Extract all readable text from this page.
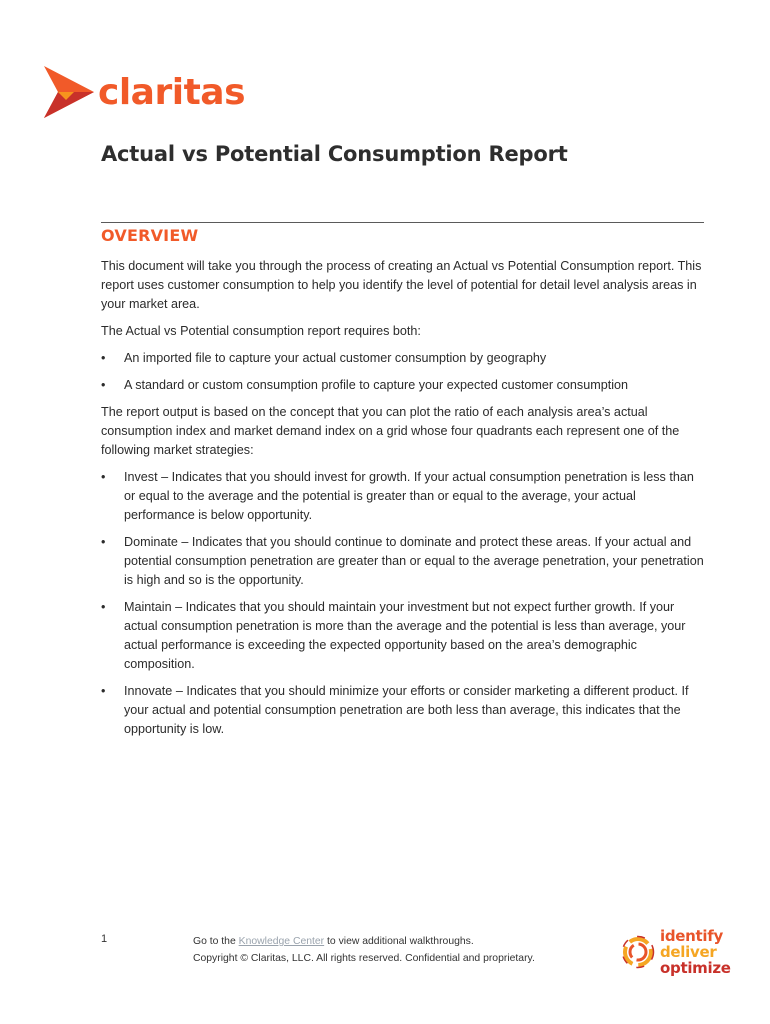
claritas
Actual vs Potential Consumption Report
OVERVIEW

This document will take you through the process of creating an Actual vs Potential Consumption report. This report uses customer consumption to help you identify the level of potential for detail level analysis areas in your market area.

The Actual vs Potential consumption report requires both:

• An imported file to capture your actual customer consumption by geography
• A standard or custom consumption profile to capture your expected customer consumption

The report output is based on the concept that you can plot the ratio of each analysis area’s actual consumption index and market demand index on a grid whose four quadrants each represent one of the following market strategies:

• Invest – Indicates that you should invest for growth. If your actual consumption penetration is less than or equal to the average and the potential is greater than or equal to the average, your actual performance is below opportunity.
• Dominate – Indicates that you should continue to dominate and protect these areas. If your actual and potential consumption penetration are greater than or equal to the average penetration, your penetration is high and so is the opportunity.
• Maintain – Indicates that you should maintain your investment but not expect further growth. If your actual consumption penetration is more than the average and the potential is less than average, your actual performance is exceeding the expected opportunity based on the area’s demographic composition.
• Innovate – Indicates that you should minimize your efforts or consider marketing a different product. If your actual and potential consumption penetration are both less than average, this indicates that the opportunity is low.
1	Go to the Knowledge Center to view additional walkthroughs.
Copyright © Claritas, LLC. All rights reserved. Confidential and proprietary.
identify
deliver
optimize
